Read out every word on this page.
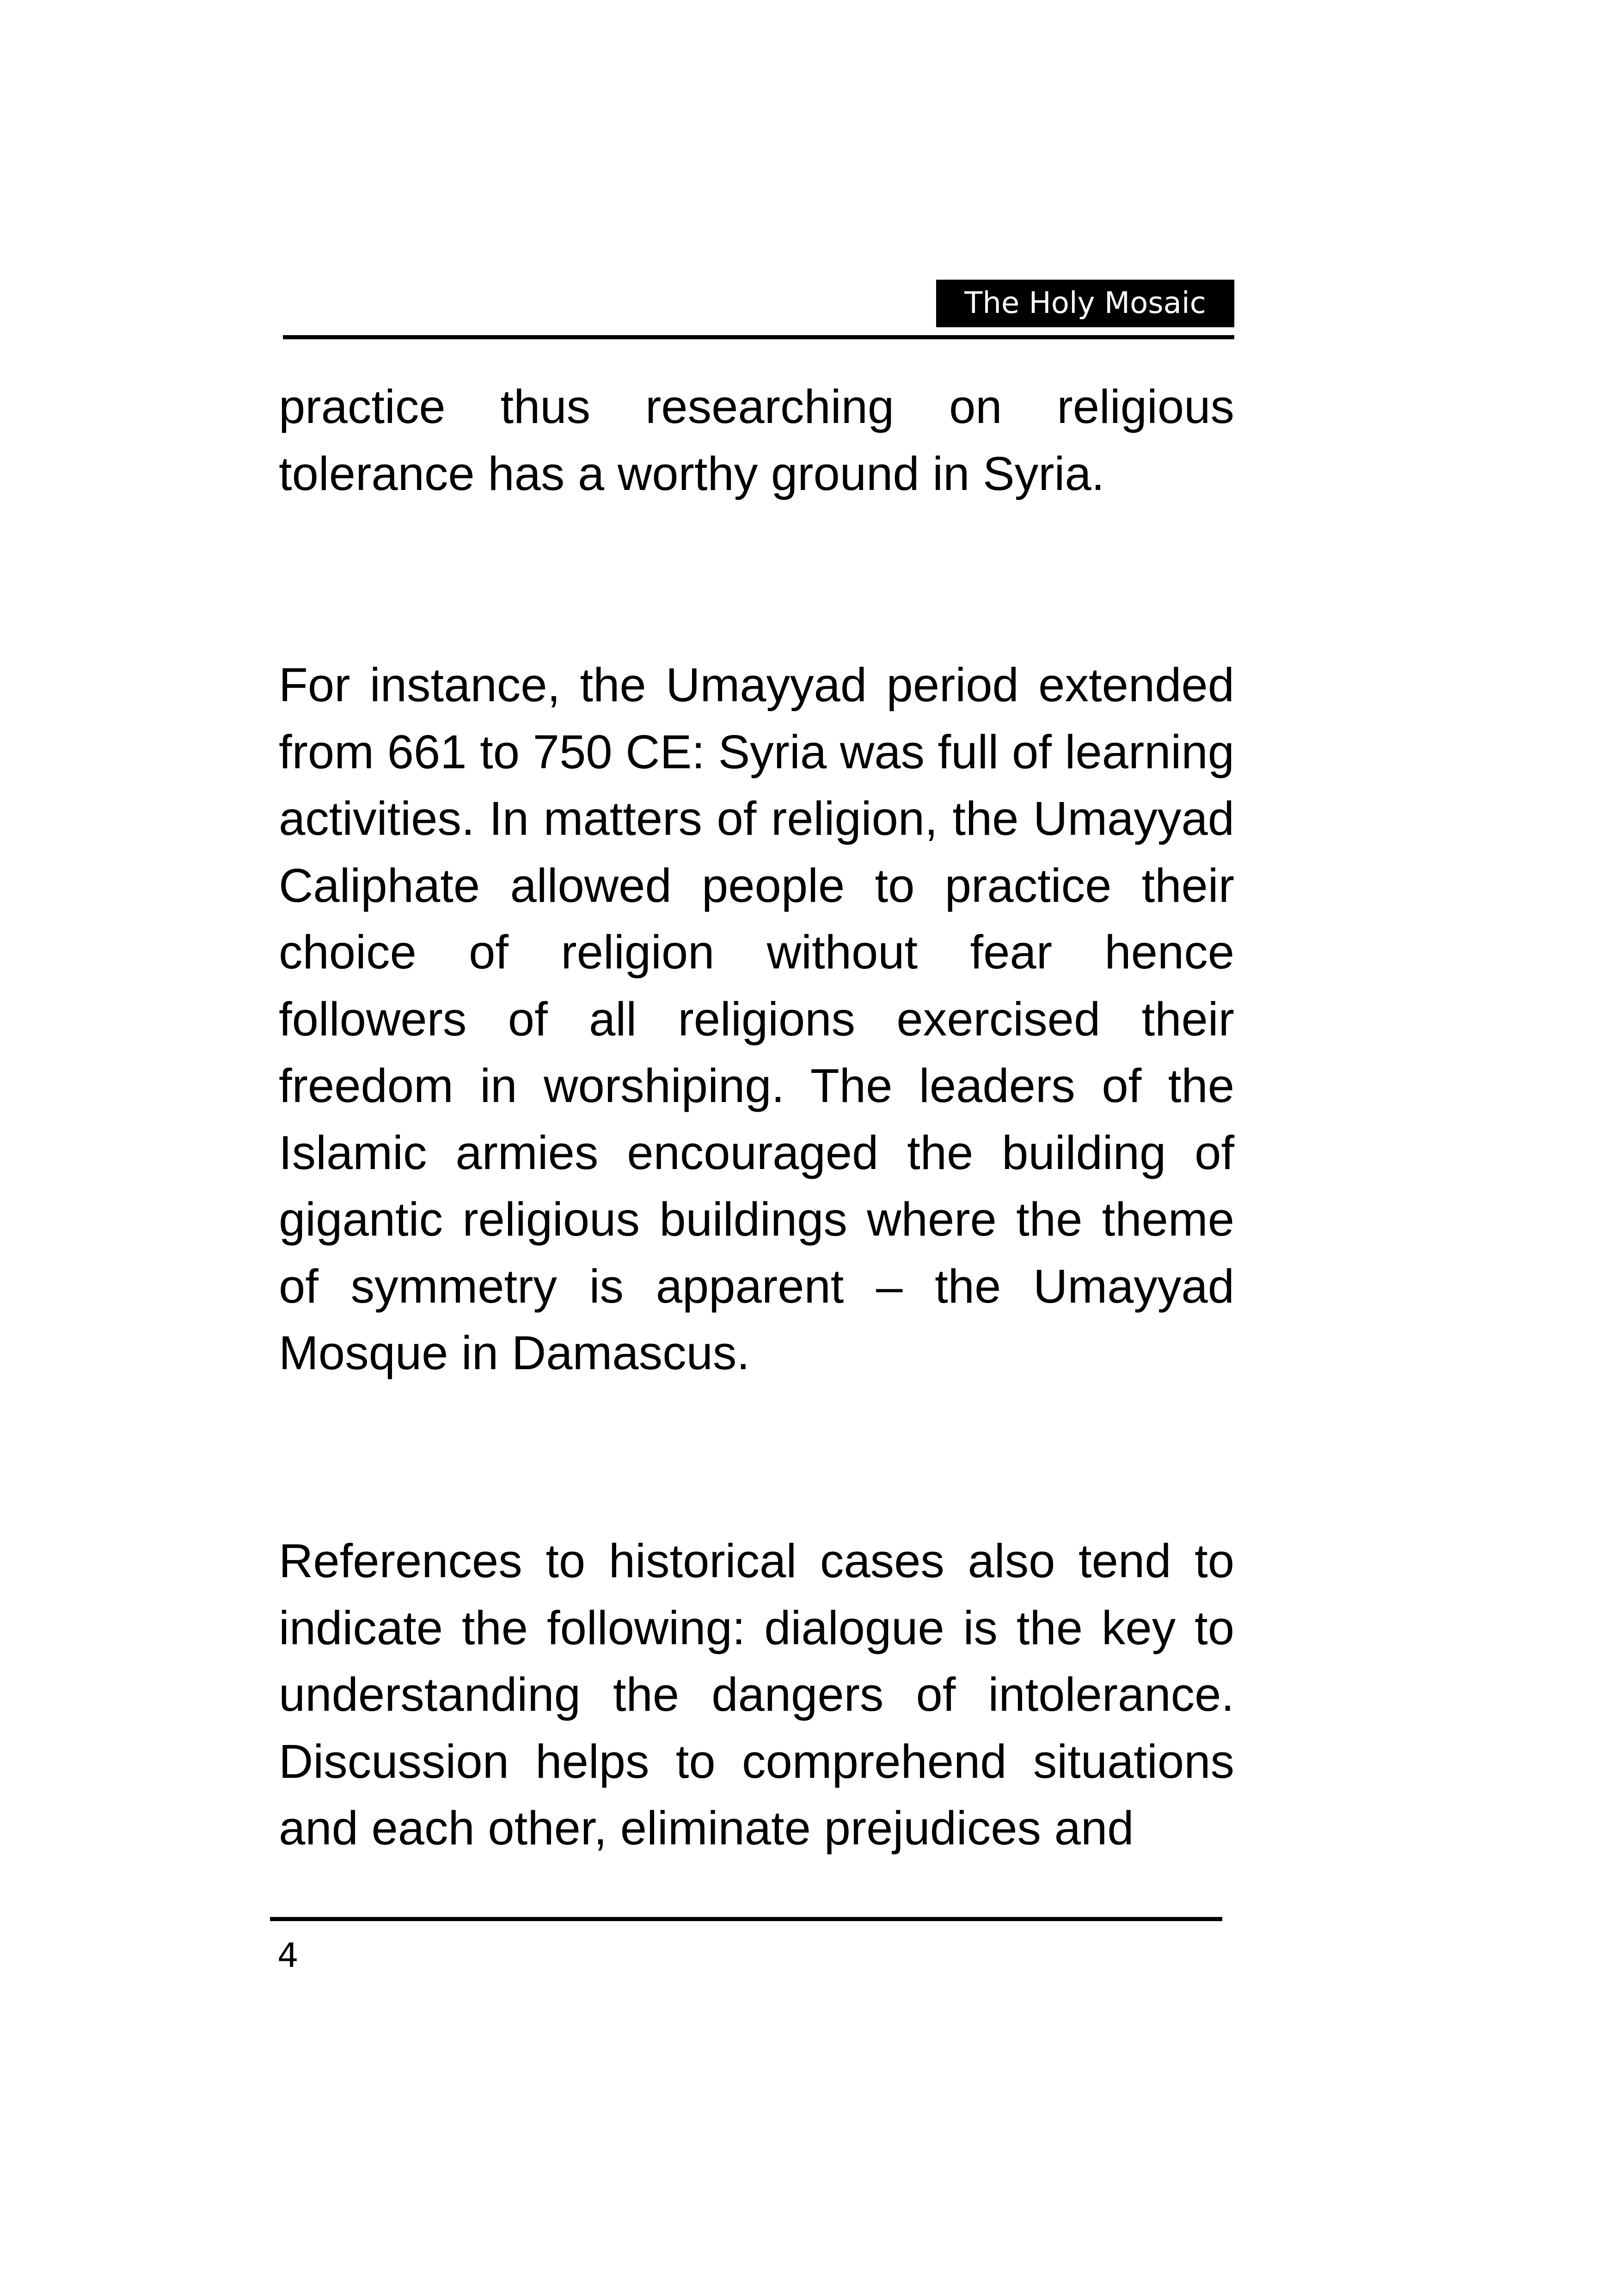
The Holy Mosaic

practice thus researching on religious tolerance has a worthy ground in Syria.

For instance, the Umayyad period extended from 661 to 750 CE: Syria was full of learning activities. In matters of religion, the Umayyad Caliphate allowed people to practice their choice of religion without fear hence followers of all religions exercised their freedom in worshiping. The leaders of the Islamic armies encouraged the building of gigantic religious buildings where the theme of symmetry is apparent – the Umayyad Mosque in Damascus.

References to historical cases also tend to indicate the following: dialogue is the key to understanding the dangers of intolerance. Discussion helps to comprehend situations and each other, eliminate prejudices and

4
